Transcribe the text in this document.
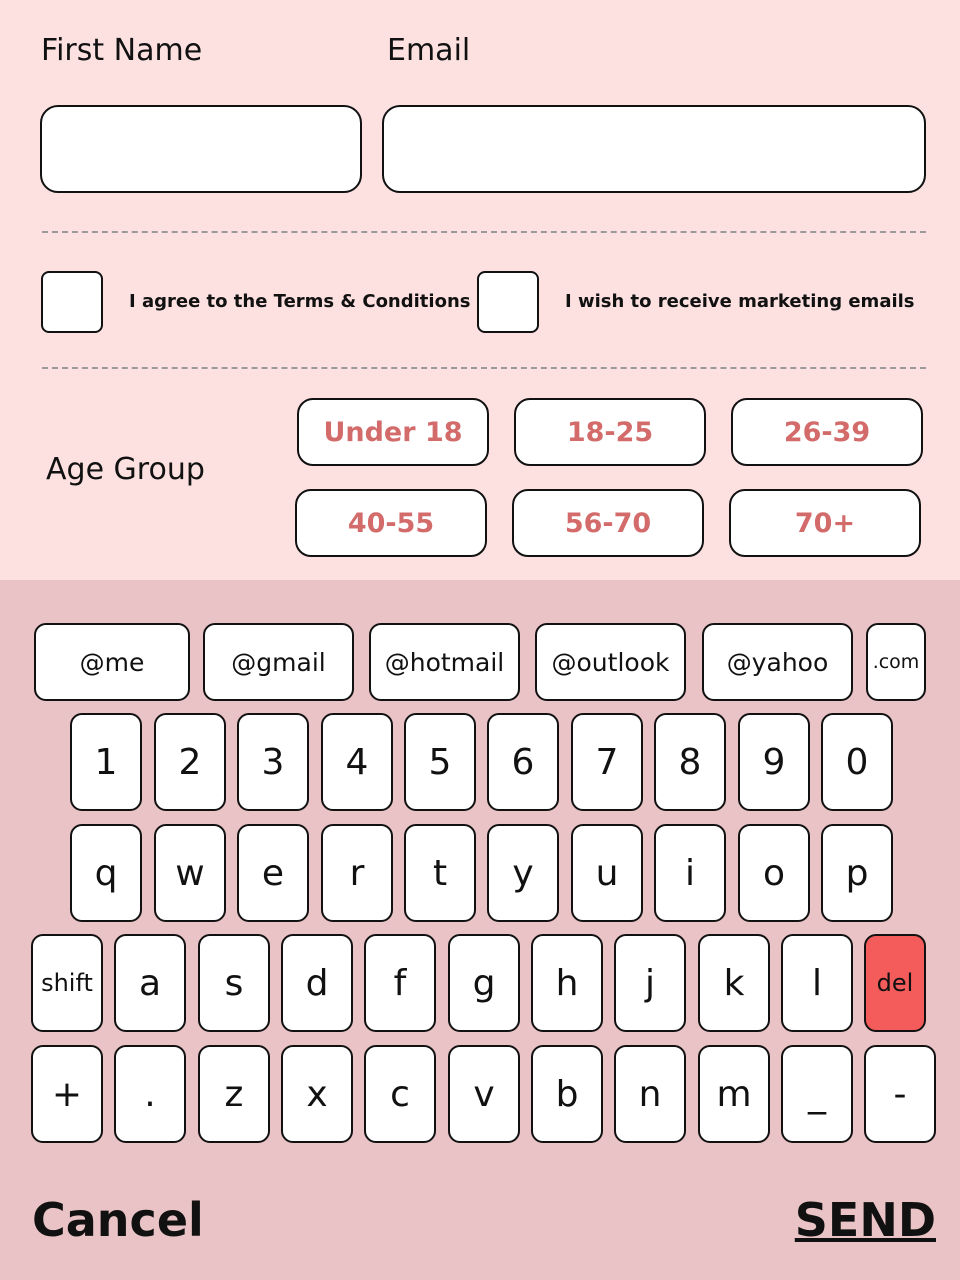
First Name	Email
I agree to the Terms & Conditions	I wish to receive marketing emails
Age Group
Under 18	18-25	26-39
40-55	56-70	70+
@me	@gmail	@hotmail	@outlook	@yahoo	.com
1	2	3	4	5	6	7	8	9	0
q	w	e	r	t	y	u	i	o	p
shift	a	s	d	f	g	h	j	k	l	del
+	.	z	x	c	v	b	n	m	_	-
Cancel	SEND
